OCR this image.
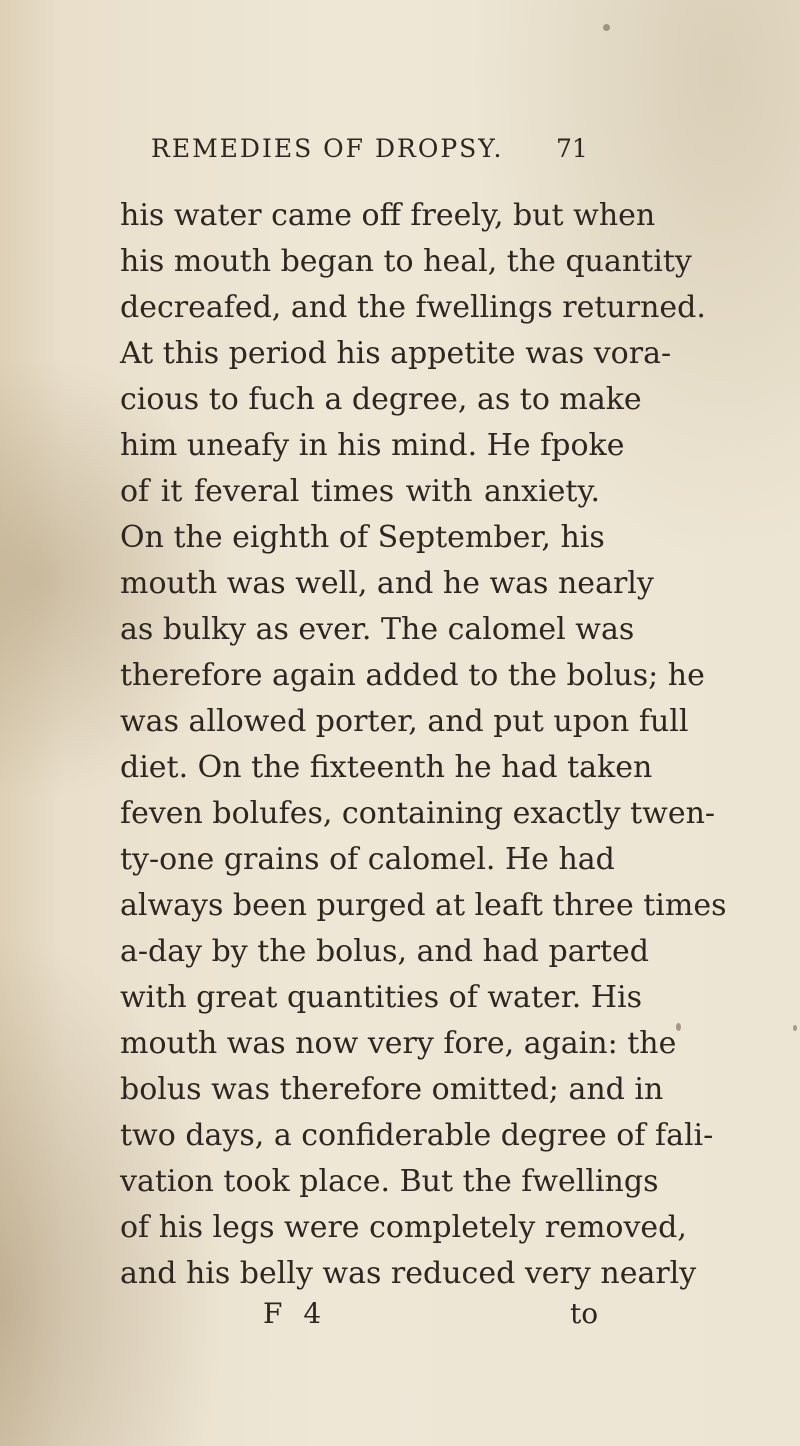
REMEDIES OF DROPSY. 71
his water came off freely, but when
his mouth began to heal, the quantity
decreafed, and the fwellings returned.
At this period his appetite was vora-
cious to fuch a degree, as to make
him uneafy in his mind. He fpoke
of it feveral times with anxiety.
On the eighth of September, his
mouth was well, and he was nearly
as bulky as ever. The calomel was
therefore again added to the bolus; he
was allowed porter, and put upon full
diet. On the fixteenth he had taken
feven bolufes, containing exactly twen-
ty-one grains of calomel. He had
always been purged at leaft three times
a-day by the bolus, and had parted
with great quantities of water. His
mouth was now very fore, again: the
bolus was therefore omitted; and in
two days, a confiderable degree of fali-
vation took place. But the fwellings
of his legs were completely removed,
and his belly was reduced very nearly
F 4	to
